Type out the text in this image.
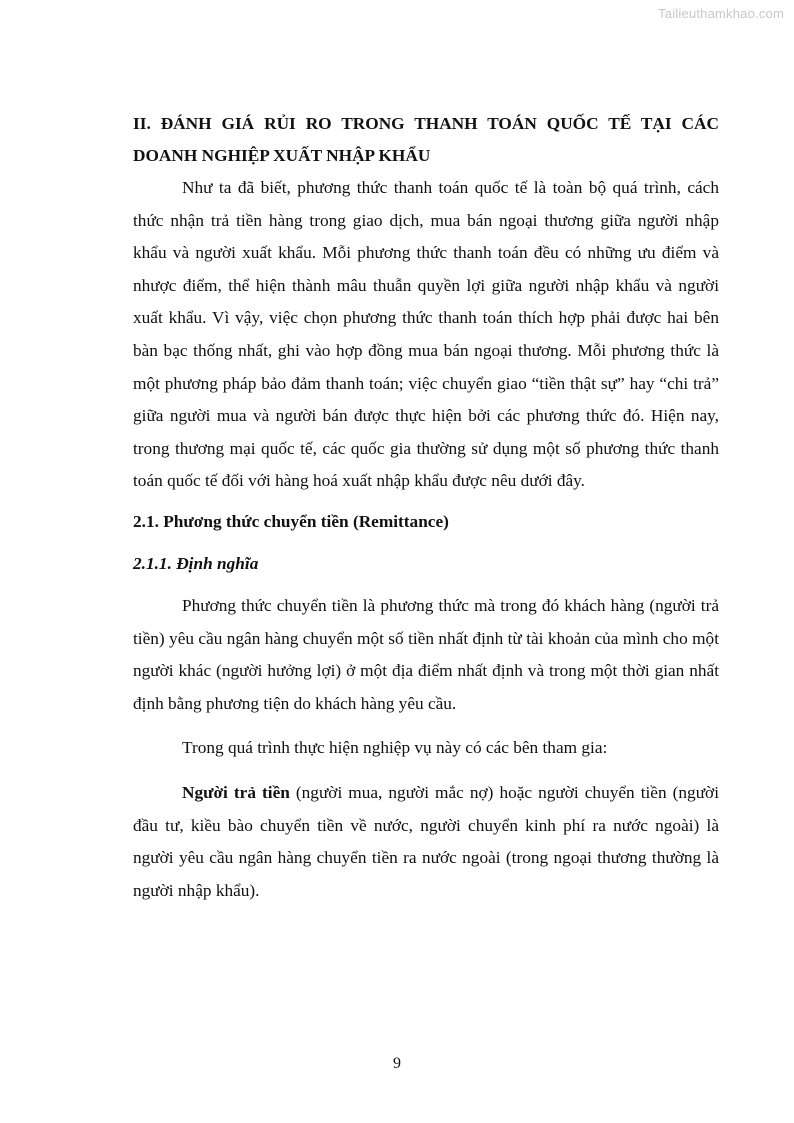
Tailieuthamkhao.com

II. ĐÁNH GIÁ RỦI RO TRONG THANH TOÁN QUỐC TẾ TẠI CÁC DOANH NGHIỆP XUẤT NHẬP KHẨU

Như ta đã biết, phương thức thanh toán quốc tế là toàn bộ quá trình, cách thức nhận trả tiền hàng trong giao dịch, mua bán ngoại thương giữa người nhập khẩu và người xuất khẩu. Mỗi phương thức thanh toán đều có những ưu điểm và nhược điểm, thể hiện thành mâu thuẫn quyền lợi giữa người nhập khẩu và người xuất khẩu. Vì vậy, việc chọn phương thức thanh toán thích hợp phải được hai bên bàn bạc thống nhất, ghi vào hợp đồng mua bán ngoại thương. Mỗi phương thức là một phương pháp bảo đảm thanh toán; việc chuyển giao “tiền thật sự” hay “chi trả” giữa người mua và người bán được thực hiện bởi các phương thức đó. Hiện nay, trong thương mại quốc tế, các quốc gia thường sử dụng một số phương thức thanh toán quốc tế đối với hàng hoá xuất nhập khẩu được nêu dưới đây.

2.1. Phương thức chuyển tiền (Remittance)

2.1.1. Định nghĩa

Phương thức chuyển tiền là phương thức mà trong đó khách hàng (người trả tiền) yêu cầu ngân hàng chuyển một số tiền nhất định từ tài khoản của mình cho một người khác (người hưởng lợi) ở một địa điểm nhất định và trong một thời gian nhất định bằng phương tiện do khách hàng yêu cầu.

Trong quá trình thực hiện nghiệp vụ này có các bên tham gia:

Người trả tiền (người mua, người mắc nợ) hoặc người chuyển tiền (người đầu tư, kiều bào chuyển tiền về nước, người chuyển kinh phí ra nước ngoài) là người yêu cầu ngân hàng chuyển tiền ra nước ngoài (trong ngoại thương thường là người nhập khẩu).

9
